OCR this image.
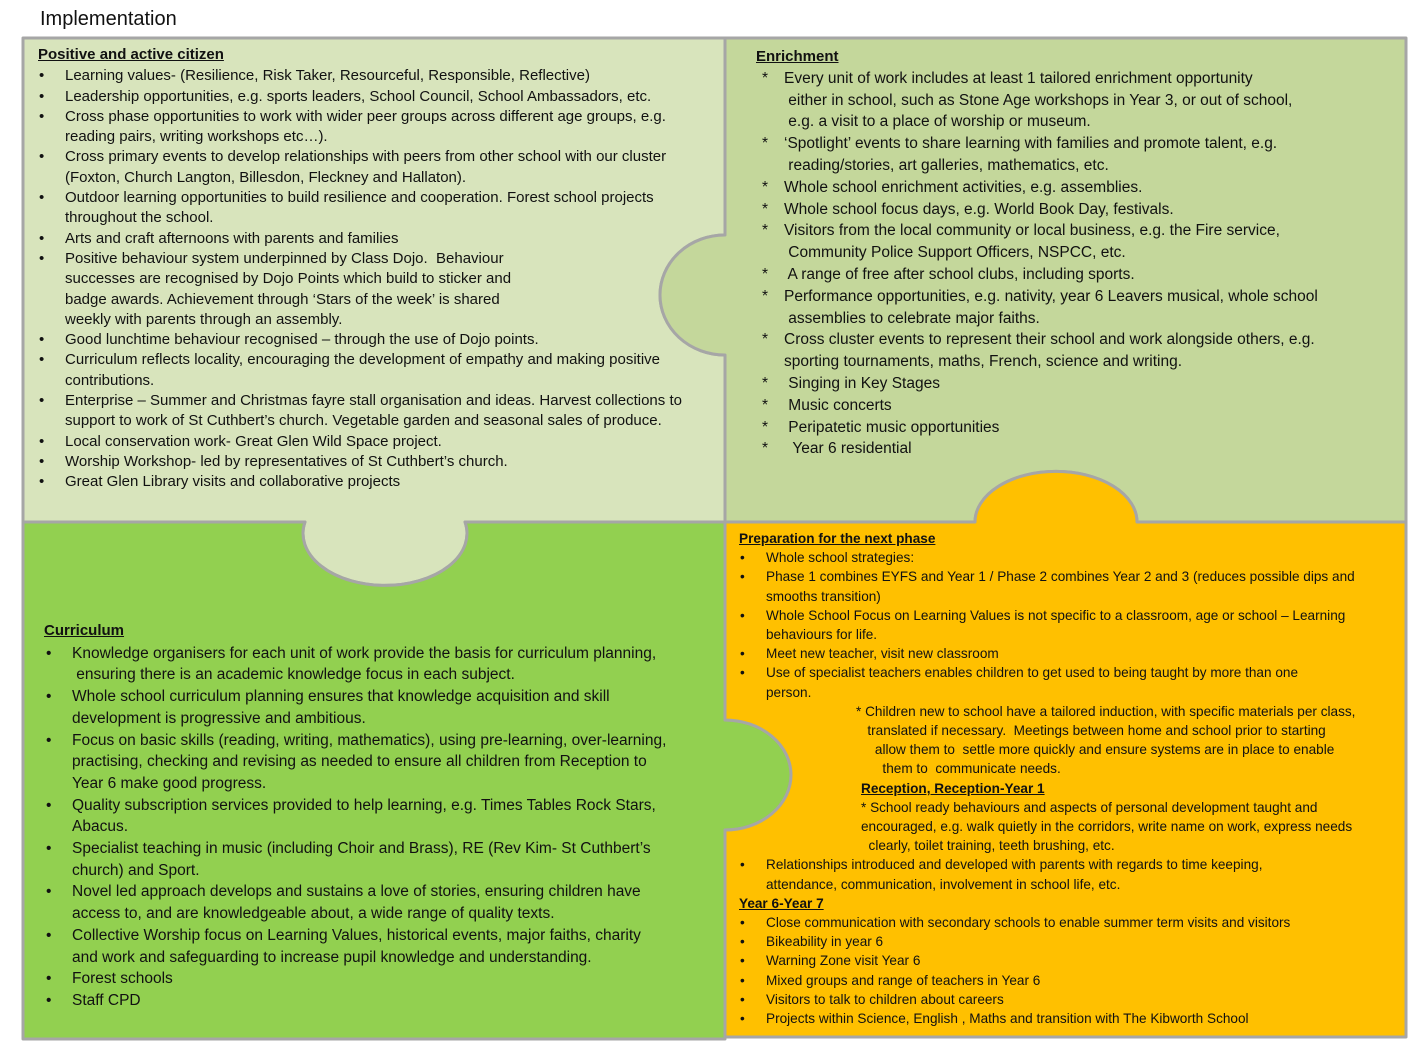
Implementation
Positive and active citizen
• Learning values- (Resilience, Risk Taker, Resourceful, Responsible, Reflective)
• Leadership opportunities, e.g. sports leaders, School Council, School Ambassadors, etc.
• Cross phase opportunities to work with wider peer groups across different age groups, e.g.
reading pairs, writing workshops etc…).
• Cross primary events to develop relationships with peers from other school with our cluster
(Foxton, Church Langton, Billesdon, Fleckney and Hallaton).
• Outdoor learning opportunities to build resilience and cooperation. Forest school projects
throughout the school.
• Arts and craft afternoons with parents and families
• Positive behaviour system underpinned by Class Dojo.  Behaviour
successes are recognised by Dojo Points which build to sticker and
badge awards. Achievement through ‘Stars of the week’ is shared
weekly with parents through an assembly.
• Good lunchtime behaviour recognised – through the use of Dojo points.
• Curriculum reflects locality, encouraging the development of empathy and making positive
contributions.
• Enterprise – Summer and Christmas fayre stall organisation and ideas. Harvest collections to
support to work of St Cuthbert’s church. Vegetable garden and seasonal sales of produce.
• Local conservation work- Great Glen Wild Space project.
• Worship Workshop- led by representatives of St Cuthbert’s church.
• Great Glen Library visits and collaborative projects
Enrichment
* Every unit of work includes at least 1 tailored enrichment opportunity
either in school, such as Stone Age workshops in Year 3, or out of school,
e.g. a visit to a place of worship or museum.
* ‘Spotlight’ events to share learning with families and promote talent, e.g.
reading/stories, art galleries, mathematics, etc.
* Whole school enrichment activities, e.g. assemblies.
* Whole school focus days, e.g. World Book Day, festivals.
* Visitors from the local community or local business, e.g. the Fire service,
Community Police Support Officers, NSPCC, etc.
*  A range of free after school clubs, including sports.
* Performance opportunities, e.g. nativity, year 6 Leavers musical, whole school
assemblies to celebrate major faiths.
* Cross cluster events to represent their school and work alongside others, e.g.
sporting tournaments, maths, French, science and writing.
*  Singing in Key Stages
*  Music concerts
*  Peripatetic music opportunities
*   Year 6 residential
Curriculum
• Knowledge organisers for each unit of work provide the basis for curriculum planning,
ensuring there is an academic knowledge focus in each subject.
• Whole school curriculum planning ensures that knowledge acquisition and skill
development is progressive and ambitious.
• Focus on basic skills (reading, writing, mathematics), using pre-learning, over-learning,
practising, checking and revising as needed to ensure all children from Reception to
Year 6 make good progress.
• Quality subscription services provided to help learning, e.g. Times Tables Rock Stars,
Abacus.
• Specialist teaching in music (including Choir and Brass), RE (Rev Kim- St Cuthbert’s
church) and Sport.
• Novel led approach develops and sustains a love of stories, ensuring children have
access to, and are knowledgeable about, a wide range of quality texts.
• Collective Worship focus on Learning Values, historical events, major faiths, charity
and work and safeguarding to increase pupil knowledge and understanding.
• Forest schools
• Staff CPD
Preparation for the next phase
• Whole school strategies:
• Phase 1 combines EYFS and Year 1 / Phase 2 combines Year 2 and 3 (reduces possible dips and
smooths transition)
• Whole School Focus on Learning Values is not specific to a classroom, age or school – Learning
behaviours for life.
• Meet new teacher, visit new classroom
• Use of specialist teachers enables children to get used to being taught by more than one
person.
* Children new to school have a tailored induction, with specific materials per class,
translated if necessary.  Meetings between home and school prior to starting
allow them to  settle more quickly and ensure systems are in place to enable
them to  communicate needs.
Reception, Reception-Year 1
* School ready behaviours and aspects of personal development taught and
encouraged, e.g. walk quietly in the corridors, write name on work, express needs
clearly, toilet training, teeth brushing, etc.
• Relationships introduced and developed with parents with regards to time keeping,
attendance, communication, involvement in school life, etc.
Year 6-Year 7
• Close communication with secondary schools to enable summer term visits and visitors
• Bikeability in year 6
• Warning Zone visit Year 6
• Mixed groups and range of teachers in Year 6
• Visitors to talk to children about careers
• Projects within Science, English , Maths and transition with The Kibworth School
